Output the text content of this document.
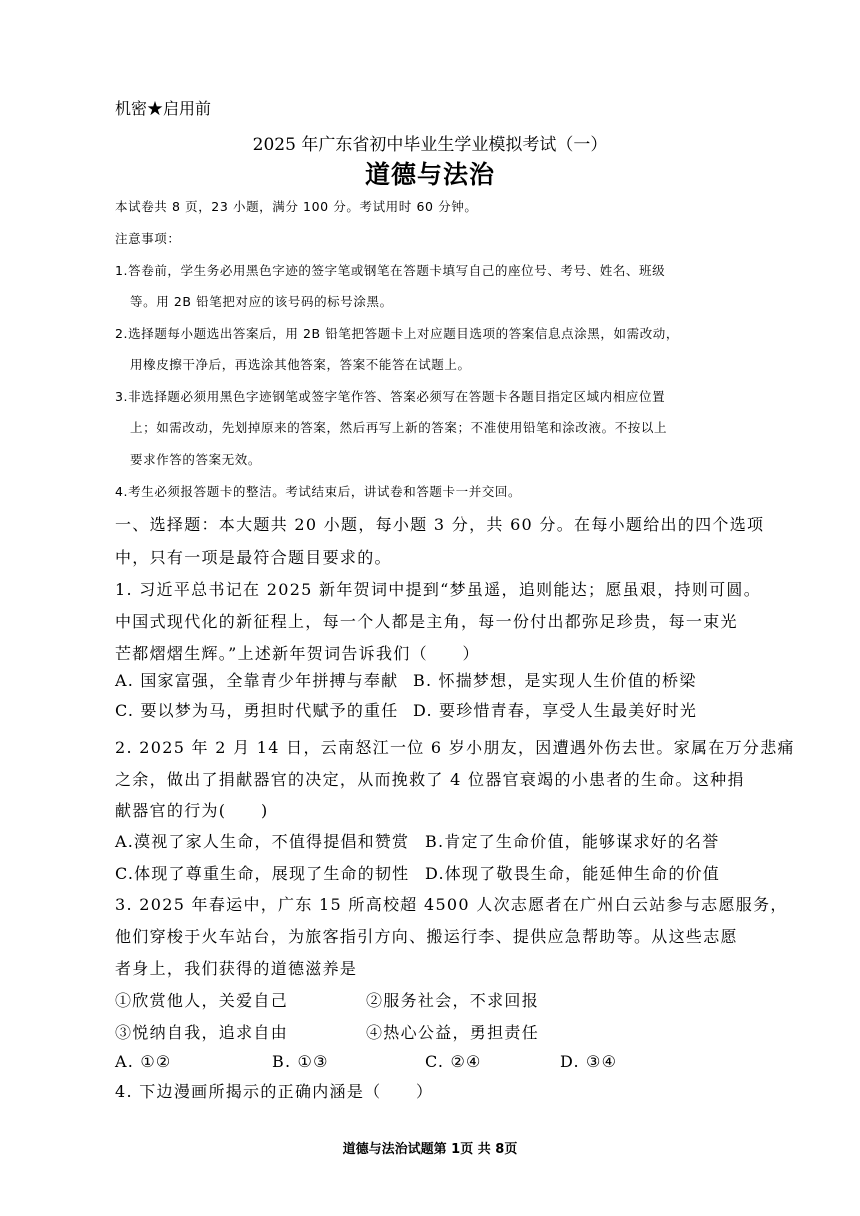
机密★启用前
2025 年广东省初中毕业生学业模拟考试（一）
道德与法治
本试卷共 8 页，23 小题，满分 100 分。考试用时 60 分钟。
注意事项：
1.答卷前，学生务必用黑色字迹的签字笔或钢笔在答题卡填写自己的座位号、考号、姓名、班级
等。用 2B 铅笔把对应的该号码的标号涂黑。
2.选择题每小题选出答案后，用 2B 铅笔把答题卡上对应题目选项的答案信息点涂黑，如需改动，
用橡皮擦干净后，再选涂其他答案，答案不能答在试题上。
3.非选择题必须用黑色字迹钢笔或签字笔作答、答案必须写在答题卡各题目指定区域内相应位置
上；如需改动，先划掉原来的答案，然后再写上新的答案；不准使用铅笔和涂改液。不按以上
要求作答的答案无效。
4.考生必须报答题卡的整洁。考试结束后，讲试卷和答题卡一并交回。
一、选择题：本大题共 20 小题，每小题 3 分，共 60 分。在每小题给出的四个选项
中，只有一项是最符合题目要求的。
1. 习近平总书记在 2025 新年贺词中提到“梦虽遥，追则能达；愿虽艰，持则可圆。
中国式现代化的新征程上，每一个人都是主角，每一份付出都弥足珍贵，每一束光
芒都熠熠生辉。”上述新年贺词告诉我们（　　）
A. 国家富强，全靠青少年拼搏与奉献 B. 怀揣梦想，是实现人生价值的桥梁
C. 要以梦为马，勇担时代赋予的重任 D. 要珍惜青春，享受人生最美好时光
2. 2025 年 2 月 14 日，云南怒江一位 6 岁小朋友，因遭遇外伤去世。家属在万分悲痛
之余，做出了捐献器官的决定，从而挽救了 4 位器官衰竭的小患者的生命。这种捐
献器官的行为(　　)
A.漠视了家人生命，不值得提倡和赞赏 B.肯定了生命价值，能够谋求好的名誉
C.体现了尊重生命，展现了生命的韧性 D.体现了敬畏生命，能延伸生命的价值
3. 2025 年春运中，广东 15 所高校超 4500 人次志愿者在广州白云站参与志愿服务，
他们穿梭于火车站台，为旅客指引方向、搬运行李、提供应急帮助等。从这些志愿
者身上，我们获得的道德滋养是
①欣赏他人，关爱自己	②服务社会，不求回报
③悦纳自我，追求自由	④热心公益，勇担责任
A. ①②	B. ①③	C. ②④	D. ③④
4. 下边漫画所揭示的正确内涵是（　　）
道德与法治试题第 1页 共 8页
